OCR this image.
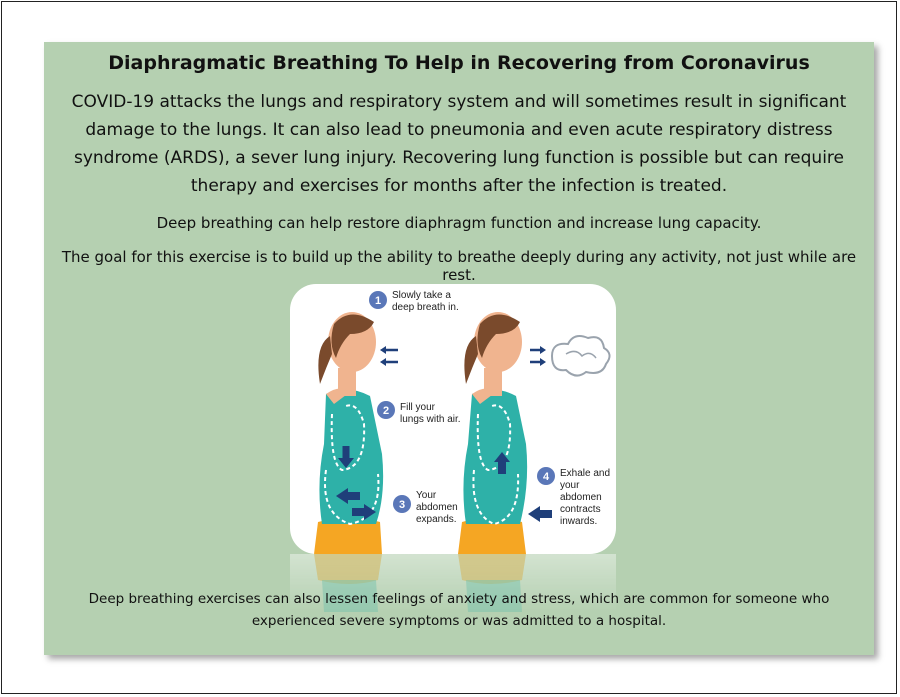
Diaphragmatic Breathing To Help in Recovering from Coronavirus
COVID-19 attacks the lungs and respiratory system and will sometimes result in significant damage to the lungs. It can also lead to pneumonia and even acute respiratory distress syndrome (ARDS), a sever lung injury. Recovering lung function is possible but can require therapy and exercises for months after the infection is treated.
Deep breathing can help restore diaphragm function and increase lung capacity.
The goal for this exercise is to build up the ability to breathe deeply during any activity, not just while are rest.
1 Slowly take a
deep breath in.
2 Fill your
lungs with air.
3
Your
abdomen
expands.
4 Exhale and
your
abdomen
contracts
inwards.
Deep breathing exercises can also lessen feelings of anxiety and stress, which are common for someone who experienced severe symptoms or was admitted to a hospital.
